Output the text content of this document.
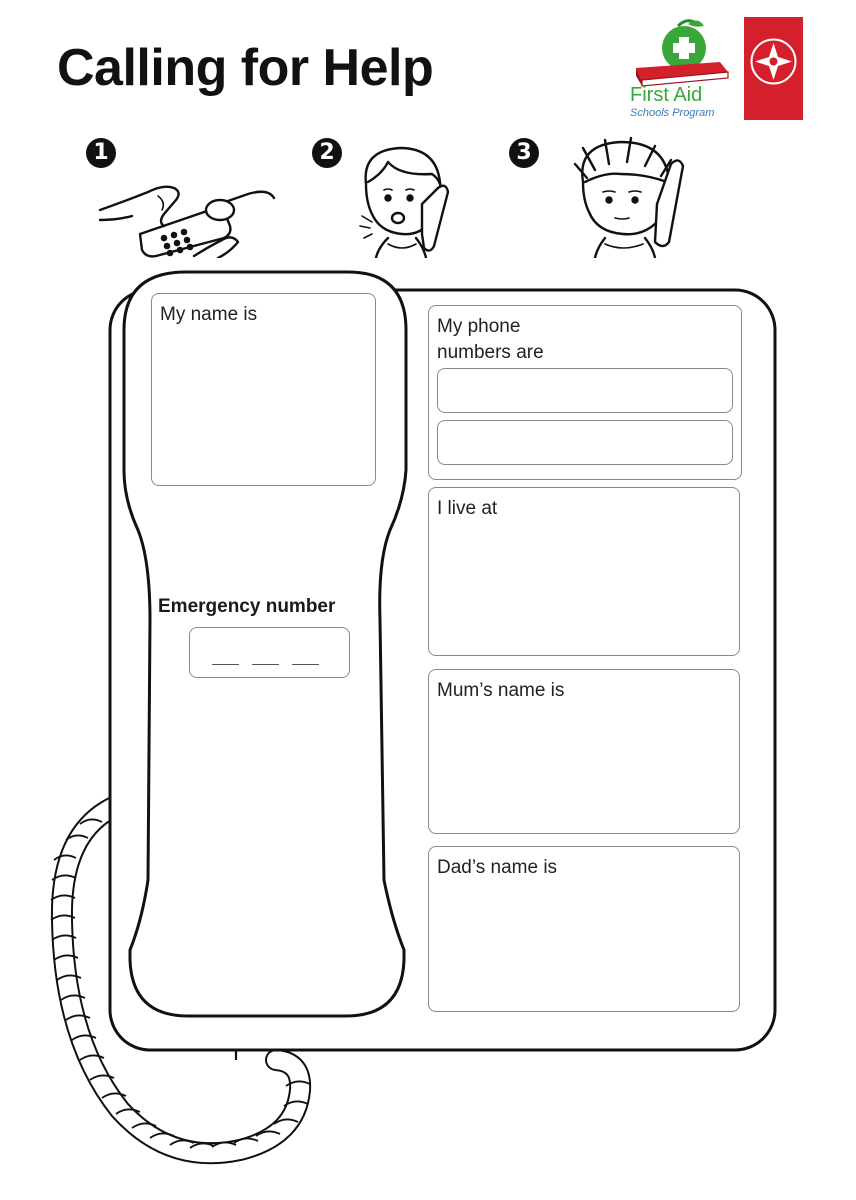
Calling for Help	First Aid
Schools Program St John
1	2	3
My name is
Emergency number
My phone
numbers are
I live at
Mum’s name is
Dad’s name is
